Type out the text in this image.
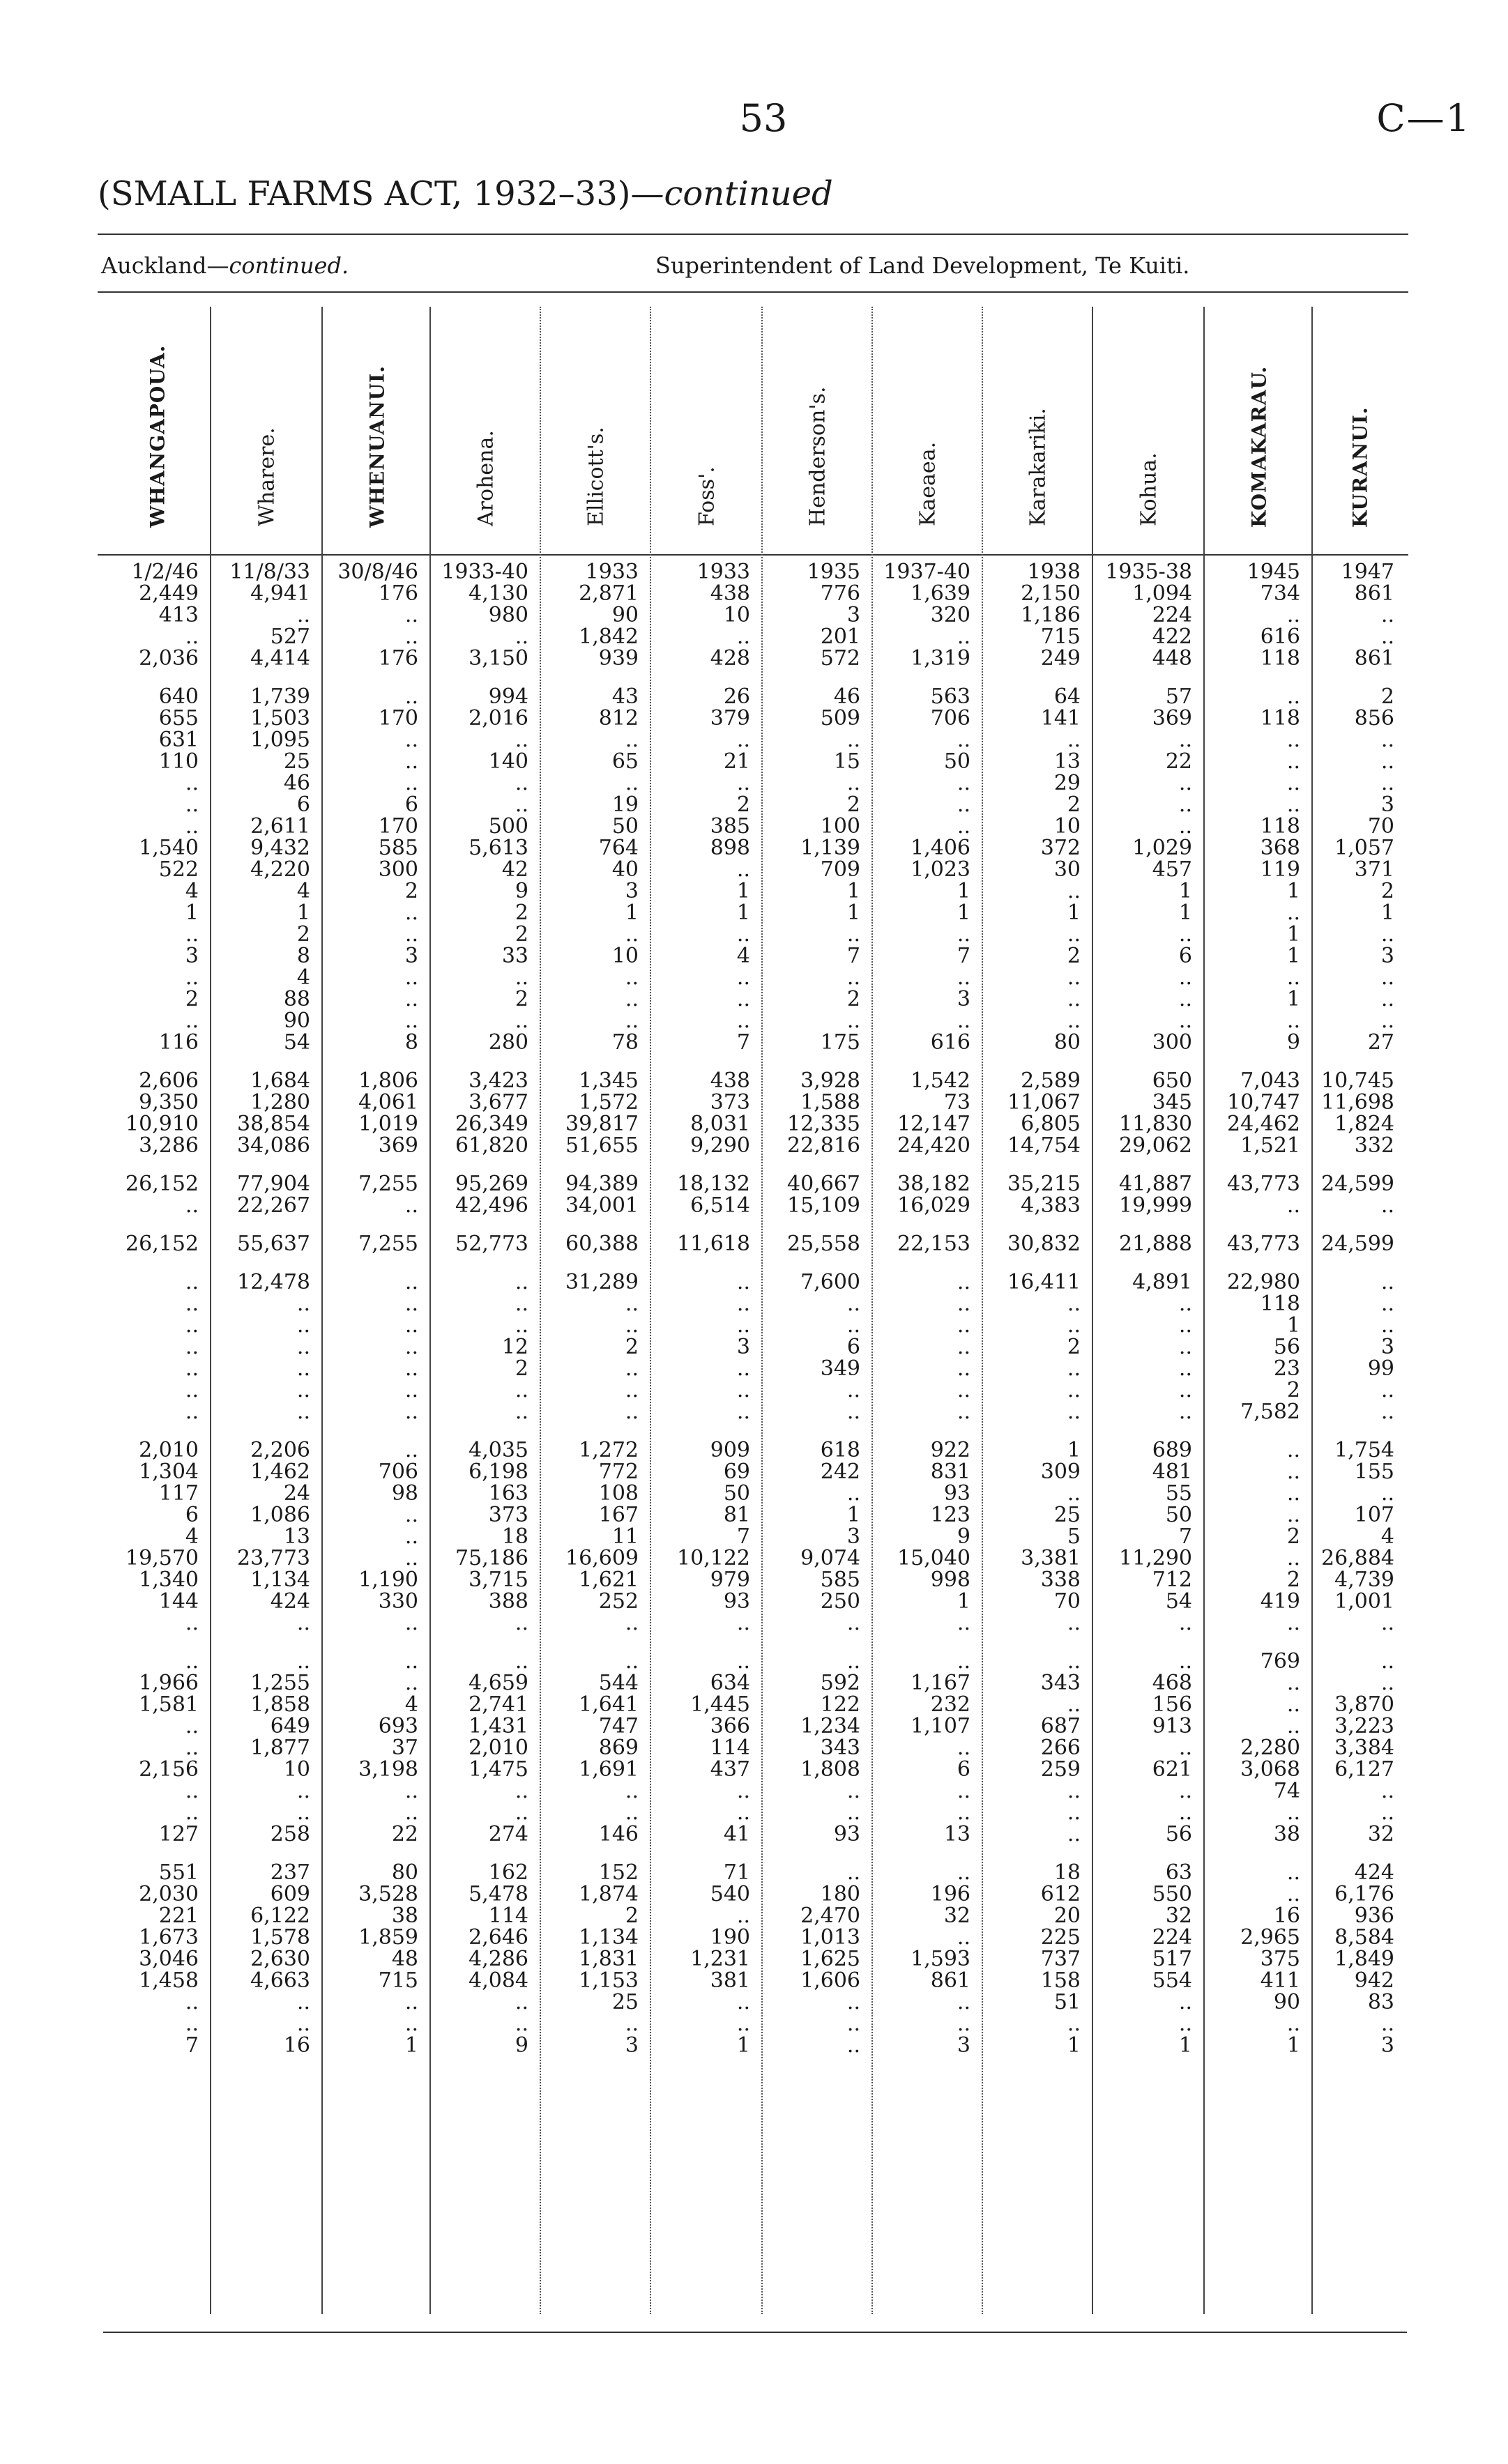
53	C—1
(SMALL FARMS ACT, 1932–33)—continued
Auckland—continued.	Superintendent of Land Development, Te Kuiti.
WHANGAPOUA.	Wharere.	WHENUANUI.	Arohena.	Ellicott's.	Foss'.	Henderson's.	Kaeaea.	Karakariki.	Kohua.	KOMAKARAU.	KURANUI.
1/2/46	11/8/33	30/8/46	1933-40	1933	1933	1935	1937-40	1938	1935-38	1945	1947
2,449	4,941	176	4,130	2,871	438	776	1,639	2,150	1,094	734	861
413	..	..	980	90	10	3	320	1,186	224	..	..
..	527	..	..	1,842	..	201	..	715	422	616	..
2,036	4,414	176	3,150	939	428	572	1,319	249	448	118	861
640	1,739	..	994	43	26	46	563	64	57	..	2
655	1,503	170	2,016	812	379	509	706	141	369	118	856
631	1,095	..	..	..	..	..	..	..	..	..	..
110	25	..	140	65	21	15	50	13	22	..	..
..	46	..	..	..	..	..	..	29	..	..	..
..	6	6	..	19	2	2	..	2	..	..	3
..	2,611	170	500	50	385	100	..	10	..	118	70
1,540	9,432	585	5,613	764	898	1,139	1,406	372	1,029	368	1,057
522	4,220	300	42	40	..	709	1,023	30	457	119	371
4	4	2	9	3	1	1	1	..	1	1	2
1	1	..	2	1	1	1	1	1	1	..	1
..	2	..	2	..	..	..	..	..	..	1	..
3	8	3	33	10	4	7	7	2	6	1	3
..	4	..	..	..	..	..	..	..	..	..	..
2	88	..	2	..	..	2	3	..	..	1	..
..	90	..	..	..	..	..	..	..	..	..	..
116	54	8	280	78	7	175	616	80	300	9	27
2,606	1,684	1,806	3,423	1,345	438	3,928	1,542	2,589	650	7,043	10,745
9,350	1,280	4,061	3,677	1,572	373	1,588	73	11,067	345	10,747	11,698
10,910	38,854	1,019	26,349	39,817	8,031	12,335	12,147	6,805	11,830	24,462	1,824
3,286	34,086	369	61,820	51,655	9,290	22,816	24,420	14,754	29,062	1,521	332
26,152	77,904	7,255	95,269	94,389	18,132	40,667	38,182	35,215	41,887	43,773	24,599
..	22,267	..	42,496	34,001	6,514	15,109	16,029	4,383	19,999	..	..
26,152	55,637	7,255	52,773	60,388	11,618	25,558	22,153	30,832	21,888	43,773	24,599
..	12,478	..	..	31,289	..	7,600	..	16,411	4,891	22,980	..
..	..	..	..	..	..	..	..	..	..	118	..
..	..	..	..	..	..	..	..	..	..	1	..
..	..	..	12	2	3	6	..	2	..	56	3
..	..	..	2	..	..	349	..	..	..	23	99
..	..	..	..	..	..	..	..	..	..	2	..
..	..	..	..	..	..	..	..	..	..	7,582	..
2,010	2,206	..	4,035	1,272	909	618	922	1	689	..	1,754
1,304	1,462	706	6,198	772	69	242	831	309	481	..	155
117	24	98	163	108	50	..	93	..	55	..	..
6	1,086	..	373	167	81	1	123	25	50	..	107
4	13	..	18	11	7	3	9	5	7	2	4
19,570	23,773	..	75,186	16,609	10,122	9,074	15,040	3,381	11,290	..	26,884
1,340	1,134	1,190	3,715	1,621	979	585	998	338	712	2	4,739
144	424	330	388	252	93	250	1	70	54	419	1,001
..	..	..	..	..	..	..	..	..	..	..	..
..	..	..	..	..	..	..	..	..	..	769	..
1,966	1,255	..	4,659	544	634	592	1,167	343	468	..	..
1,581	1,858	4	2,741	1,641	1,445	122	232	..	156	..	3,870
..	649	693	1,431	747	366	1,234	1,107	687	913	..	3,223
..	1,877	37	2,010	869	114	343	..	266	..	2,280	3,384
2,156	10	3,198	1,475	1,691	437	1,808	6	259	621	3,068	6,127
..	..	..	..	..	..	..	..	..	..	74	..
..	..	..	..	..	..	..	..	..	..	..	..
127	258	22	274	146	41	93	13	..	56	38	32
551	237	80	162	152	71	..	..	18	63	..	424
2,030	609	3,528	5,478	1,874	540	180	196	612	550	..	6,176
221	6,122	38	114	2	..	2,470	32	20	32	16	936
1,673	1,578	1,859	2,646	1,134	190	1,013	..	225	224	2,965	8,584
3,046	2,630	48	4,286	1,831	1,231	1,625	1,593	737	517	375	1,849
1,458	4,663	715	4,084	1,153	381	1,606	861	158	554	411	942
..	..	..	..	25	..	..	..	51	..	90	83
..	..	..	..	..	..	..	..	..	..	..	..
7	16	1	9	3	1	..	3	1	1	1	3
